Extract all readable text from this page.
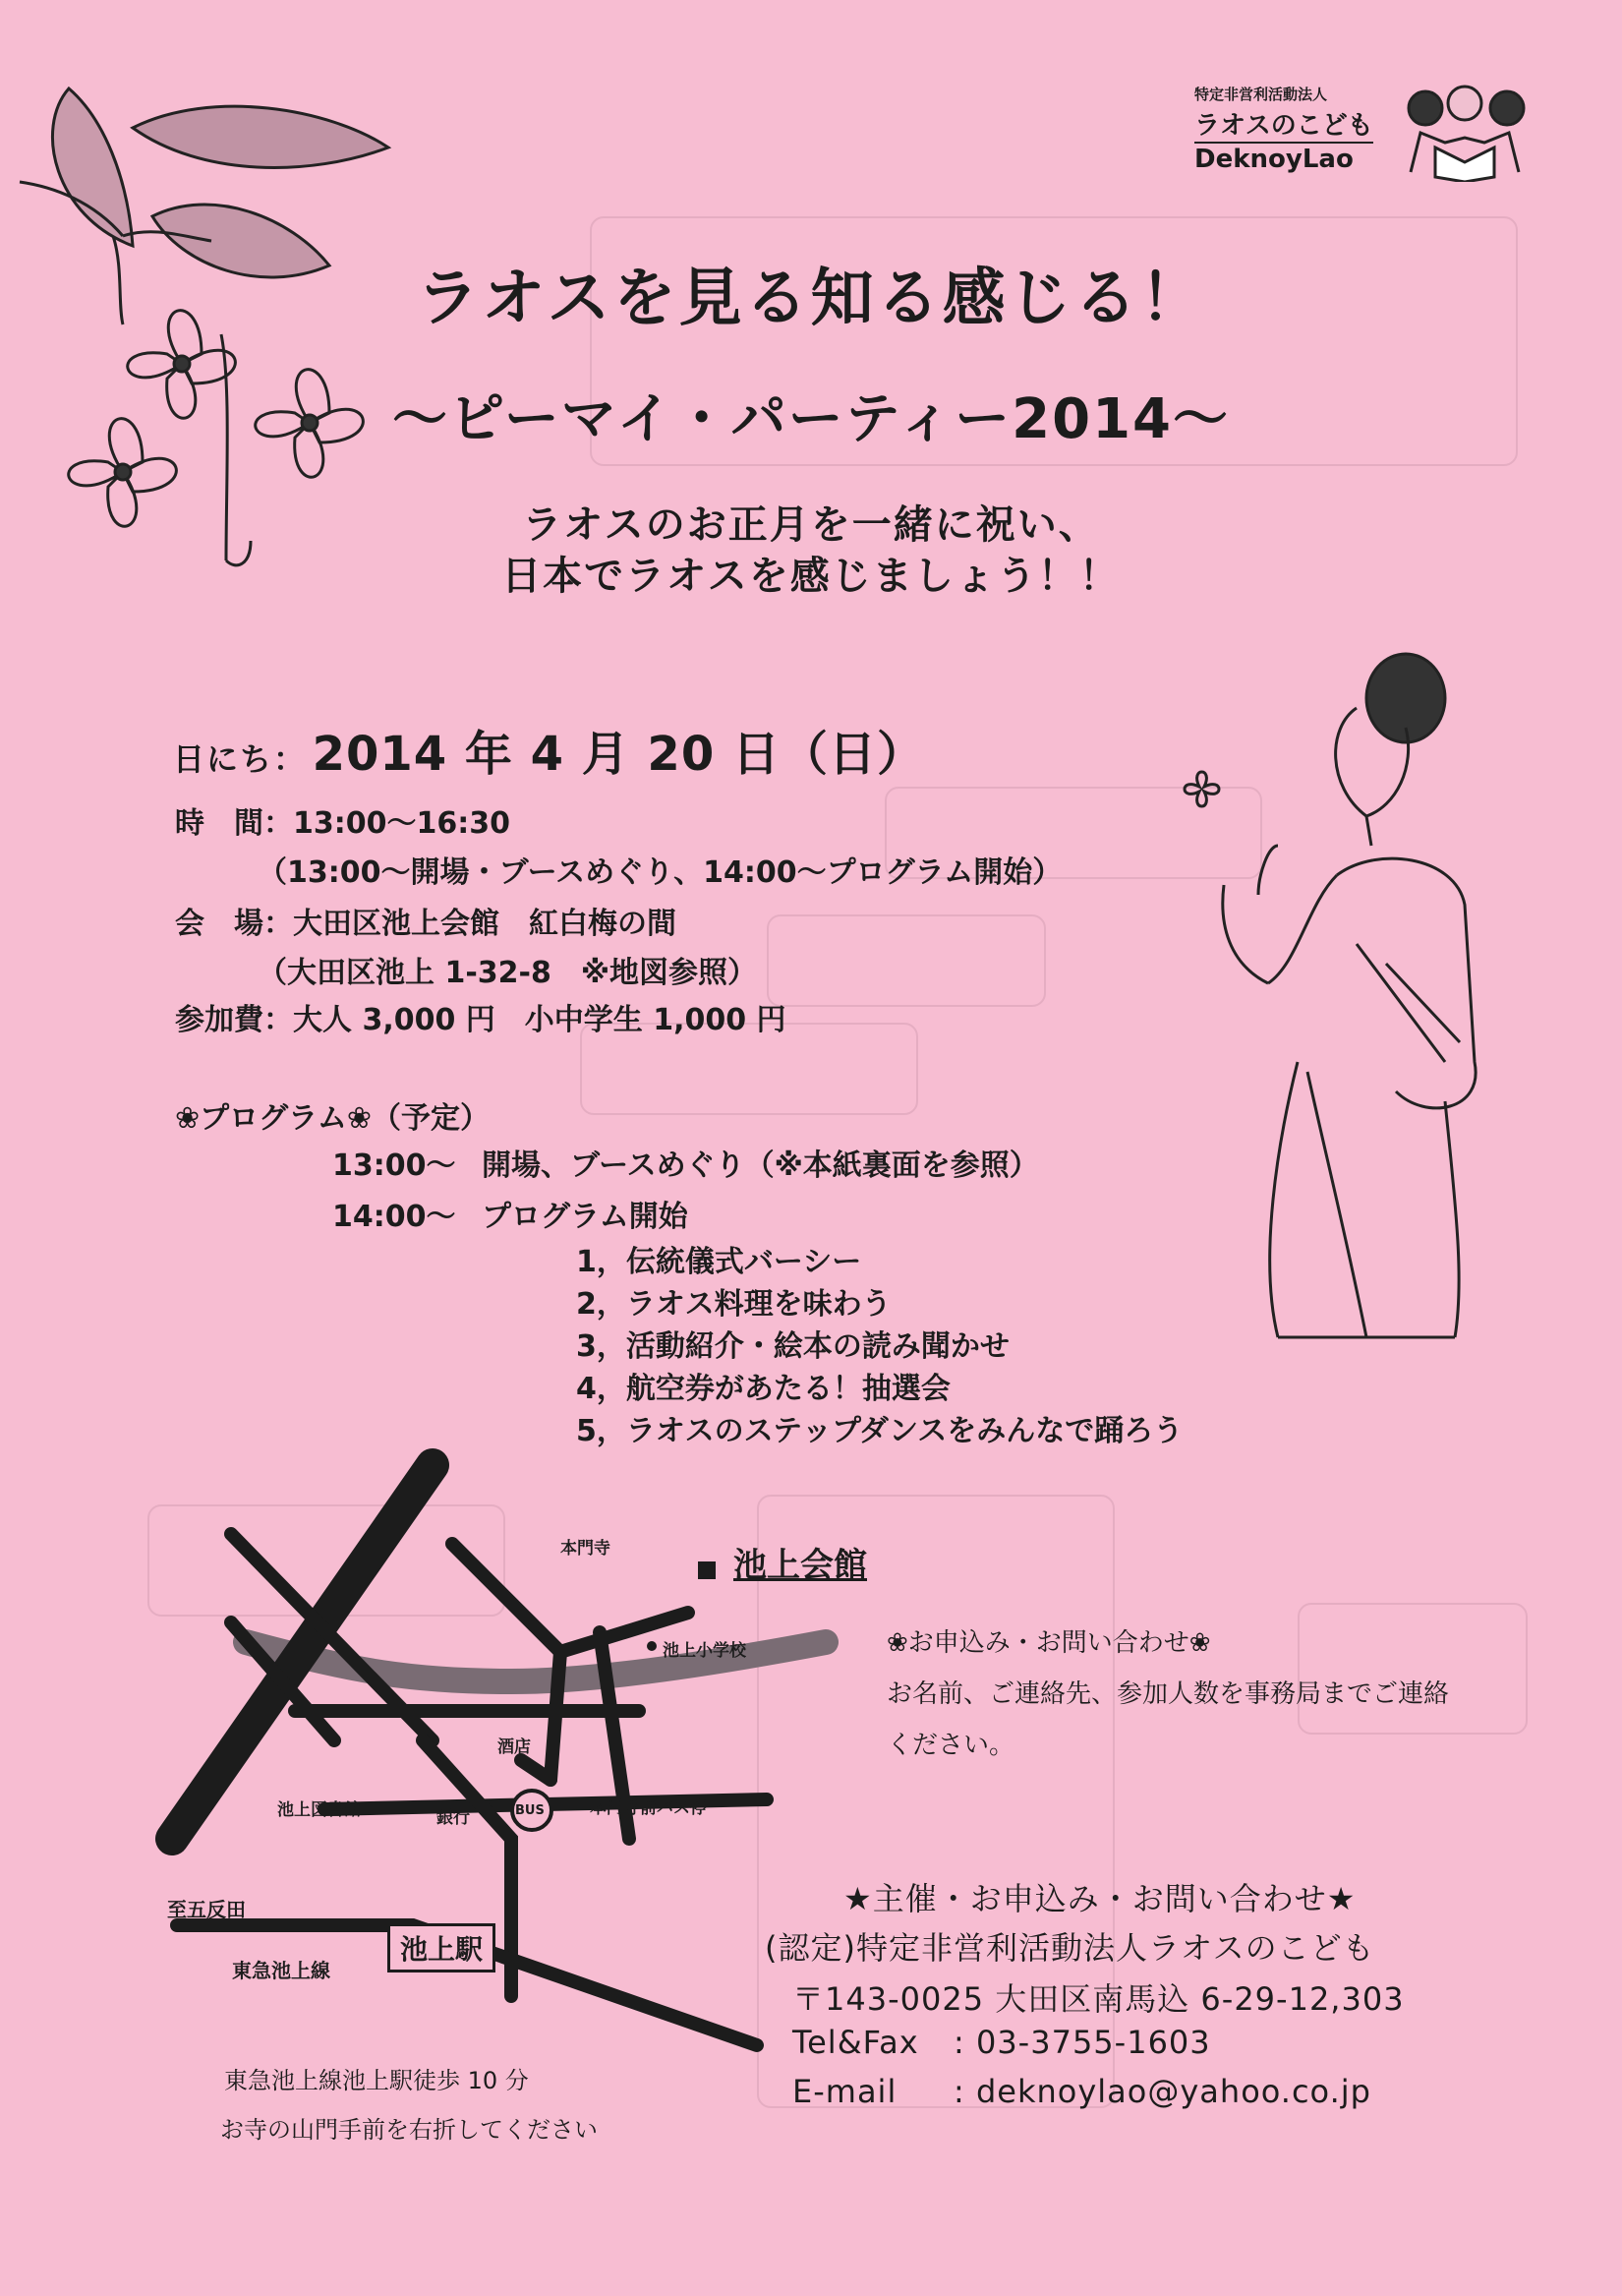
特定非営利活動法人
ラオスのこども
DeknoyLao
ラオスを見る知る感じる！
～ピーマイ・パーティー2014～
ラオスのお正月を一緒に祝い、
日本でラオスを感じましょう！！
日にち： 2014 年 4 月 20 日（日）
時　間：13:00～16:30
（13:00～開場・ブースめぐり、14:00～プログラム開始）
会　場：大田区池上会館　紅白梅の間
（大田区池上 1-32-8　※地図参照）
参加費：大人 3,000 円　小中学生 1,000 円
❀プログラム❀（予定）
13:00～ 開場、ブースめぐり（※本紙裏面を参照）
14:00～ プログラム開始
1，伝統儀式バーシー
2，ラオス料理を味わう
3，活動紹介・絵本の読み聞かせ
4，航空券があたる！抽選会
5，ラオスのステップダンスをみんなで踊ろう
池上会館
本門寺
池上小学校
酒店
池上図書館	銀行	BUS	本門寺前バス停
至五反田
東急池上線
池上駅
東急池上線池上駅徒歩 10 分
お寺の山門手前を右折してください
❀お申込み・お問い合わせ❀
お名前、ご連絡先、参加人数を事務局までご連絡
ください。
★主催・お申込み・お問い合わせ★
(認定)特定非営利活動法人ラオスのこども
〒143-0025 大田区南馬込 6-29-12,303
Tel&Fax : 03-3755-1603
E-mail : deknoylao@yahoo.co.jp
